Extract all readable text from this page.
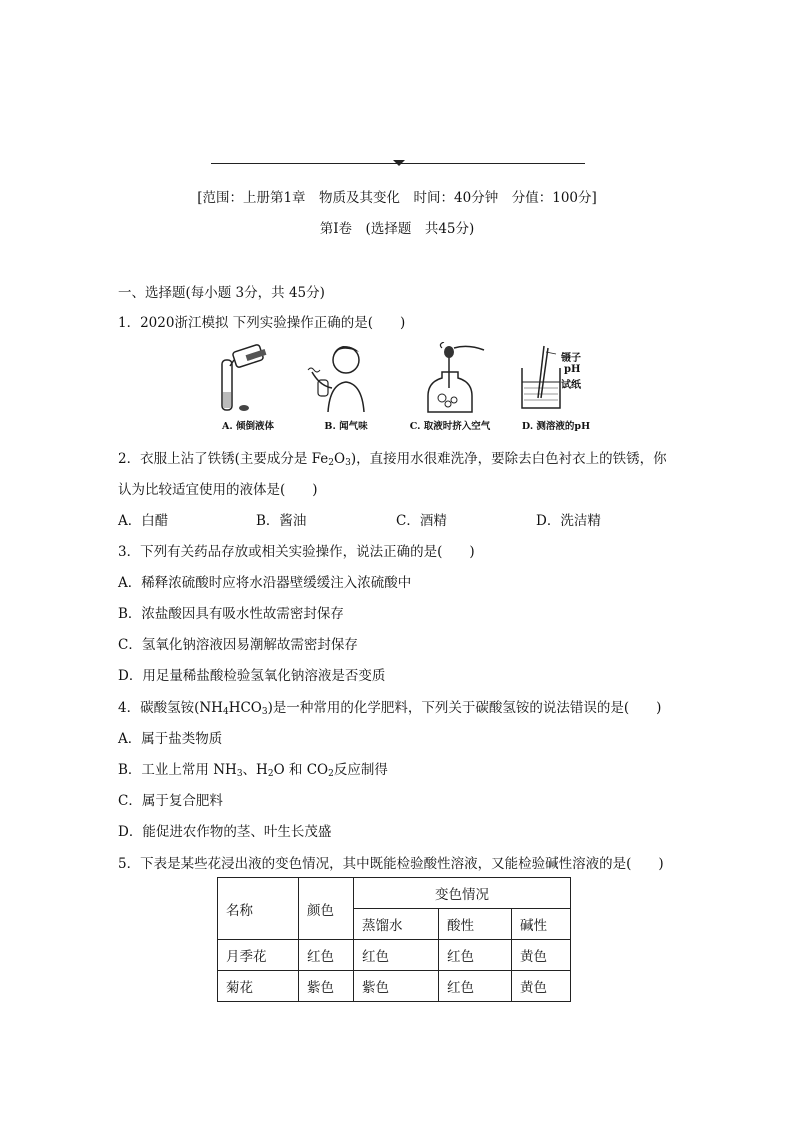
[范围：上册第1章　物质及其变化　时间：40分钟　分值：100分]
第Ⅰ卷　(选择题　共45分)
一、选择题(每小题 3分，共 45分)
1．2020浙江模拟 下列实验操作正确的是(　　)
A. 倾倒液体	B. 闻气味	C. 取液时挤入空气
镊子
pH
试纸
D. 测溶液的pH
2．衣服上沾了铁锈(主要成分是 $Fe_2O_3$)，直接用水很难洗净，要除去白色衬衣上的铁锈，你
认为比较适宜使用的液体是(　　)
A．白醋	B．酱油	C．酒精	D．洗洁精
3．下列有关药品存放或相关实验操作，说法正确的是(　　)
A．稀释浓硫酸时应将水沿器壁缓缓注入浓硫酸中
B．浓盐酸因具有吸水性故需密封保存
C．氢氧化钠溶液因易潮解故需密封保存
D．用足量稀盐酸检验氢氧化钠溶液是否变质
4．碳酸氢铵$(NH_4HCO_3)$是一种常用的化学肥料，下列关于碳酸氢铵的说法错误的是(　　)
A．属于盐类物质
B．工业上常用 $NH_3$、$H_2O$ 和 $CO_2$反应制得
C．属于复合肥料
D．能促进农作物的茎、叶生长茂盛
5．下表是某些花浸出液的变色情况，其中既能检验酸性溶液，又能检验碱性溶液的是(　　)
名称	颜色	变色情况		
		蒸馏水	酸性	碱性
月季花	红色	红色	红色	黄色
菊花	紫色	紫色	红色	黄色
